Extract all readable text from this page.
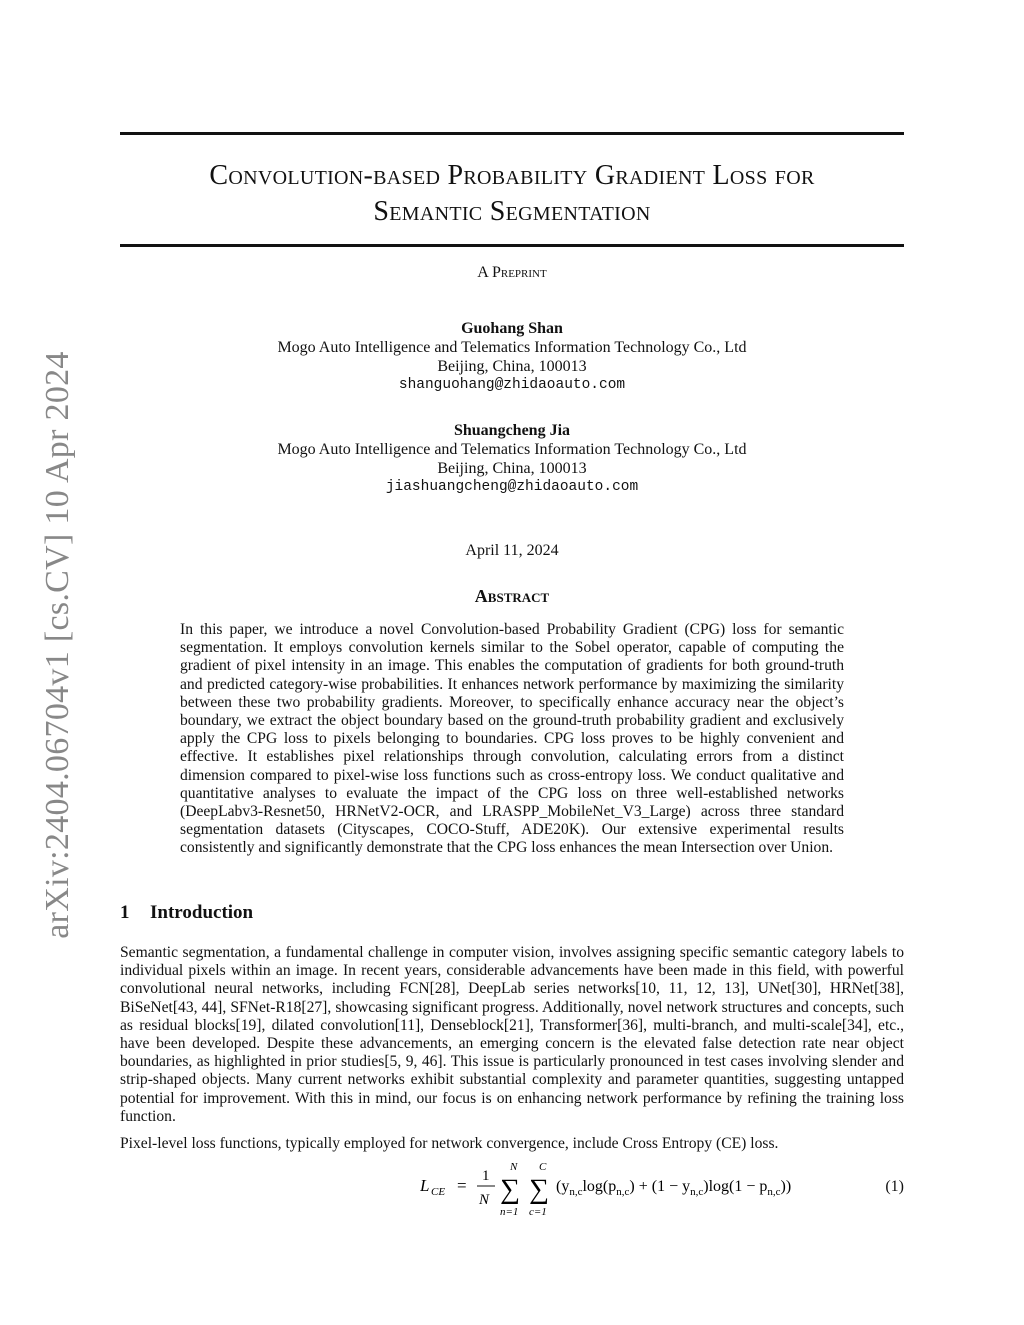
arXiv:2404.06704v1 [cs.CV] 10 Apr 2024
Convolution-based Probability Gradient Loss for
Semantic Segmentation
A Preprint
Guohang Shan
Mogo Auto Intelligence and Telematics Information Technology Co., Ltd
Beijing, China, 100013
shanguohang@zhidaoauto.com
Shuangcheng Jia
Mogo Auto Intelligence and Telematics Information Technology Co., Ltd
Beijing, China, 100013
jiashuangcheng@zhidaoauto.com
April 11, 2024
Abstract
In this paper, we introduce a novel Convolution-based Probability Gradient (CPG) loss for semantic segmentation. It employs convolution kernels similar to the Sobel operator, capable of computing the gradient of pixel intensity in an image. This enables the computation of gradients for both ground-truth and predicted category-wise probabilities. It enhances network performance by maximizing the similarity between these two probability gradients. Moreover, to specifically enhance accuracy near the object’s boundary, we extract the object boundary based on the ground-truth probability gradient and exclusively apply the CPG loss to pixels belonging to boundaries. CPG loss proves to be highly convenient and effective. It establishes pixel relationships through convolution, calculating errors from a distinct dimension compared to pixel-wise loss functions such as cross-entropy loss. We conduct qualitative and quantitative analyses to evaluate the impact of the CPG loss on three well-established networks (DeepLabv3-Resnet50, HRNetV2-OCR, and LRASPP_MobileNet_V3_Large) across three standard segmentation datasets (Cityscapes, COCO-Stuff, ADE20K). Our extensive experimental results consistently and significantly demonstrate that the CPG loss enhances the mean Intersection over Union.
1 Introduction
Semantic segmentation, a fundamental challenge in computer vision, involves assigning specific semantic category labels to individual pixels within an image. In recent years, considerable advancements have been made in this field, with powerful convolutional neural networks, including FCN[28], DeepLab series networks[10, 11, 12, 13], UNet[30], HRNet[38], BiSeNet[43, 44], SFNet-R18[27], showcasing significant progress. Additionally, novel network structures and concepts, such as residual blocks[19], dilated convolution[11], Denseblock[21], Transformer[36], multi-branch, and multi-scale[34], etc., have been developed. Despite these advancements, an emerging concern is the elevated false detection rate near object boundaries, as highlighted in prior studies[5, 9, 46]. This issue is particularly pronounced in test cases involving slender and strip-shaped objects. Many current networks exhibit substantial complexity and parameter quantities, suggesting untapped potential for improvement. With this in mind, our focus is on enhancing network performance by refining the training loss function.
Pixel-level loss functions, typically employed for network convergence, include Cross Entropy (CE) loss.
L CE = 1
N
N
∑
n=1
C
∑
c=1
$(y_{n,c}\log(p_{n,c}) + (1 - y_{n,c})\log(1 - p_{n,c}))$	(1)
